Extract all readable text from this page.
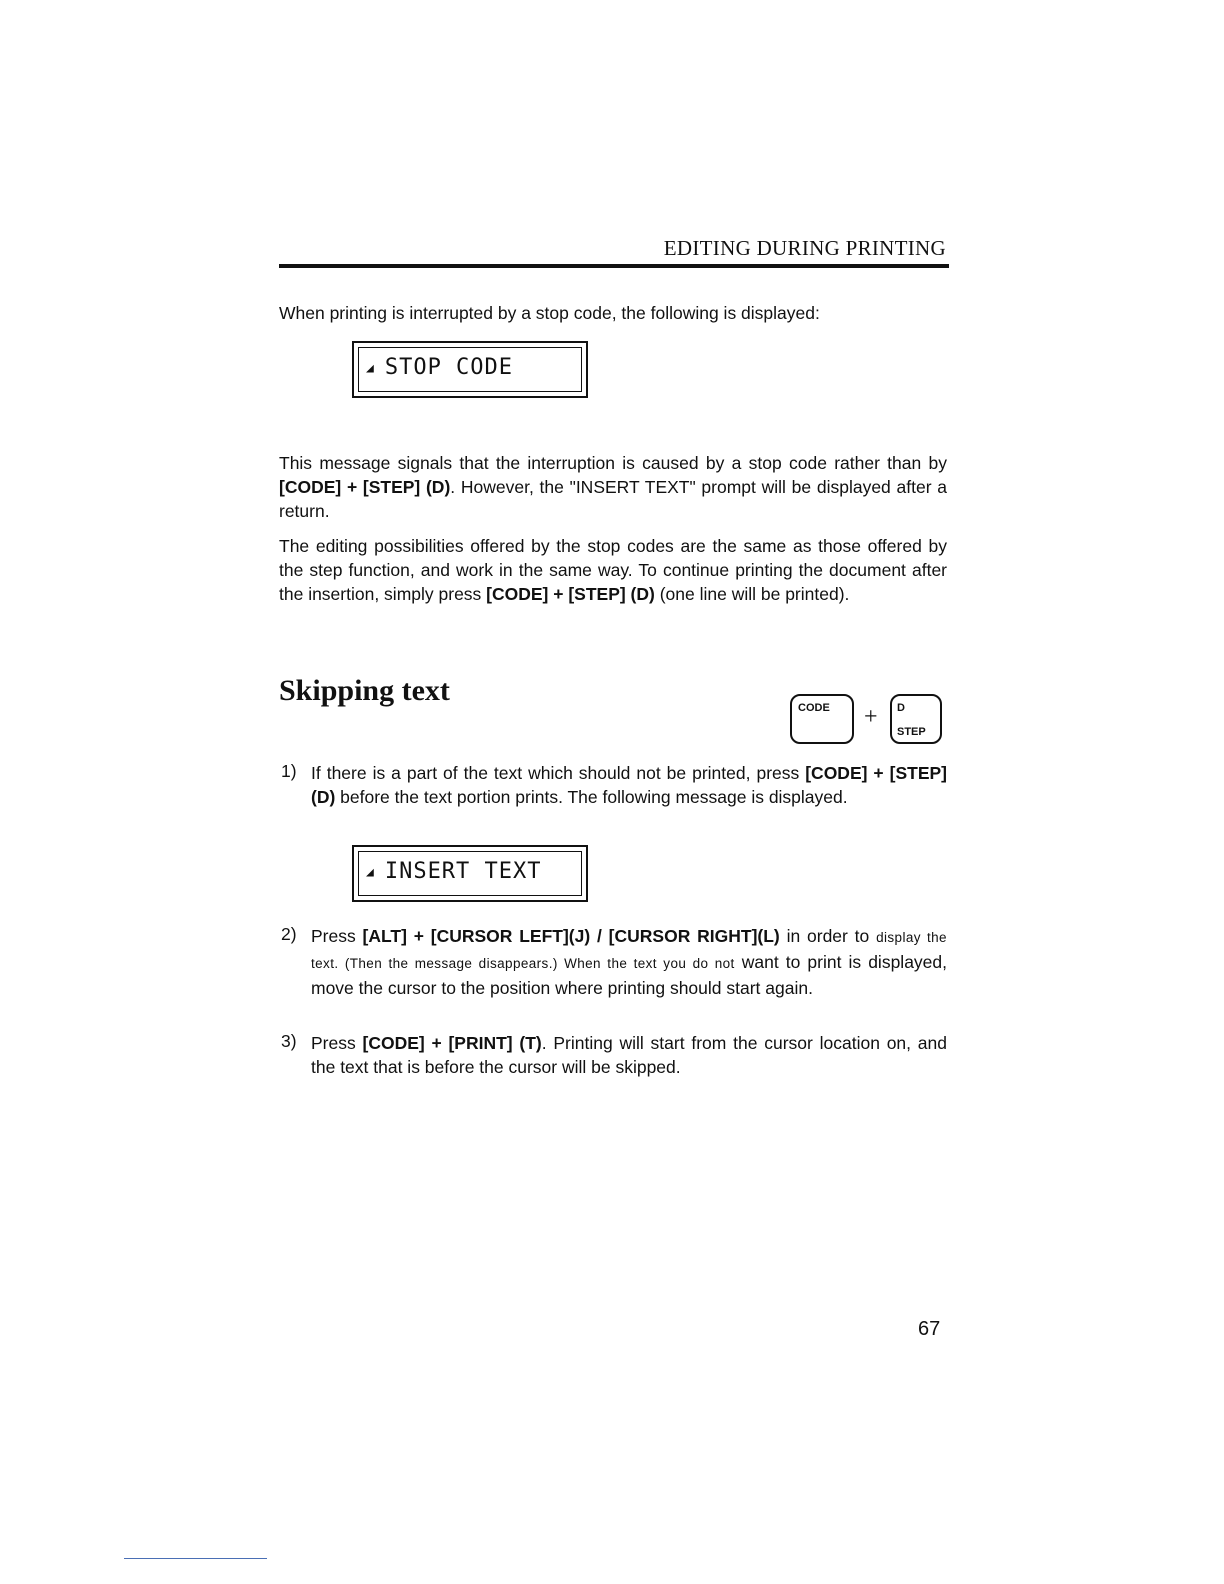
EDITING DURING PRINTING
When printing is interrupted by a stop code, the following is displayed:
◢ STOP CODE
This message signals that the interruption is caused by a stop code rather than by [CODE] + [STEP] (D). However, the "INSERT TEXT" prompt will be displayed after a return.
The editing possibilities offered by the stop codes are the same as those offered by the step function, and work in the same way. To continue printing the document after the insertion, simply press [CODE] + [STEP] (D) (one line will be printed).
Skipping text
CODE + D
STEP
1) If there is a part of the text which should not be printed, press [CODE] + [STEP] (D) before the text portion prints. The following message is displayed.
◢ INSERT TEXT
2) Press [ALT] + [CURSOR LEFT](J) / [CURSOR RIGHT](L) in order to display the text. (Then the message disappears.) When the text you do not want to print is displayed, move the cursor to the position where printing should start again.
3) Press [CODE] + [PRINT] (T). Printing will start from the cursor location on, and the text that is before the cursor will be skipped.
67
